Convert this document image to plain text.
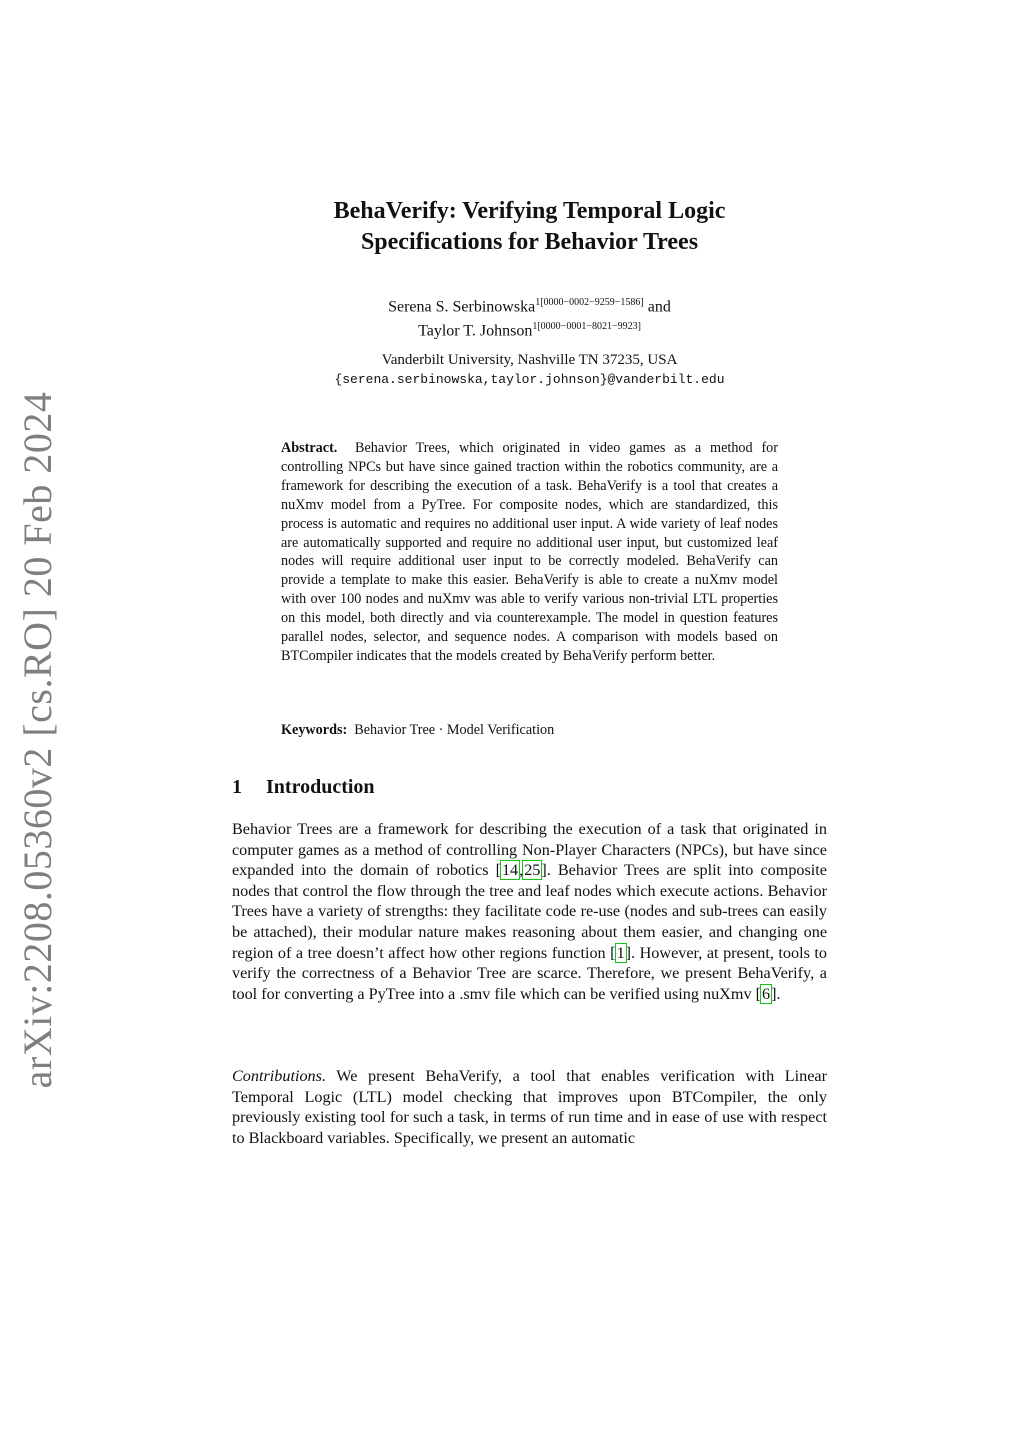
arXiv:2208.05360v2 [cs.RO] 20 Feb 2024
BehaVerify: Verifying Temporal Logic
Specifications for Behavior Trees
Serena S. Serbinowska$^{1[0000-0002-9259-1586]}$ and
Taylor T. Johnson$^{1[0000-0001-8021-9923]}$
Vanderbilt University, Nashville TN 37235, USA
{serena.serbinowska,taylor.johnson}@vanderbilt.edu
Abstract. Behavior Trees, which originated in video games as a method for controlling NPCs but have since gained traction within the robotics community, are a framework for describing the execution of a task. BehaVerify is a tool that creates a nuXmv model from a PyTree. For composite nodes, which are standardized, this process is automatic and requires no additional user input. A wide variety of leaf nodes are automatically supported and require no additional user input, but customized leaf nodes will require additional user input to be correctly modeled. BehaVerify can provide a template to make this easier. BehaVerify is able to create a nuXmv model with over 100 nodes and nuXmv was able to verify various non-trivial LTL properties on this model, both directly and via counterexample. The model in question features parallel nodes, selector, and sequence nodes. A comparison with models based on BTCompiler indicates that the models created by BehaVerify perform better.
Keywords: Behavior Tree · Model Verification
1 Introduction
Behavior Trees are a framework for describing the execution of a task that originated in computer games as a method of controlling Non-Player Characters (NPCs), but have since expanded into the domain of robotics [14,25]. Behavior Trees are split into composite nodes that control the flow through the tree and leaf nodes which execute actions. Behavior Trees have a variety of strengths: they facilitate code re-use (nodes and sub-trees can easily be attached), their modular nature makes reasoning about them easier, and changing one region of a tree doesn’t affect how other regions function [1]. However, at present, tools to verify the correctness of a Behavior Tree are scarce. Therefore, we present BehaVerify, a tool for converting a PyTree into a .smv file which can be verified using nuXmv [6].
Contributions. We present BehaVerify, a tool that enables verification with Linear Temporal Logic (LTL) model checking that improves upon BTCompiler, the only previously existing tool for such a task, in terms of run time and in ease of use with respect to Blackboard variables. Specifically, we present an automatic
